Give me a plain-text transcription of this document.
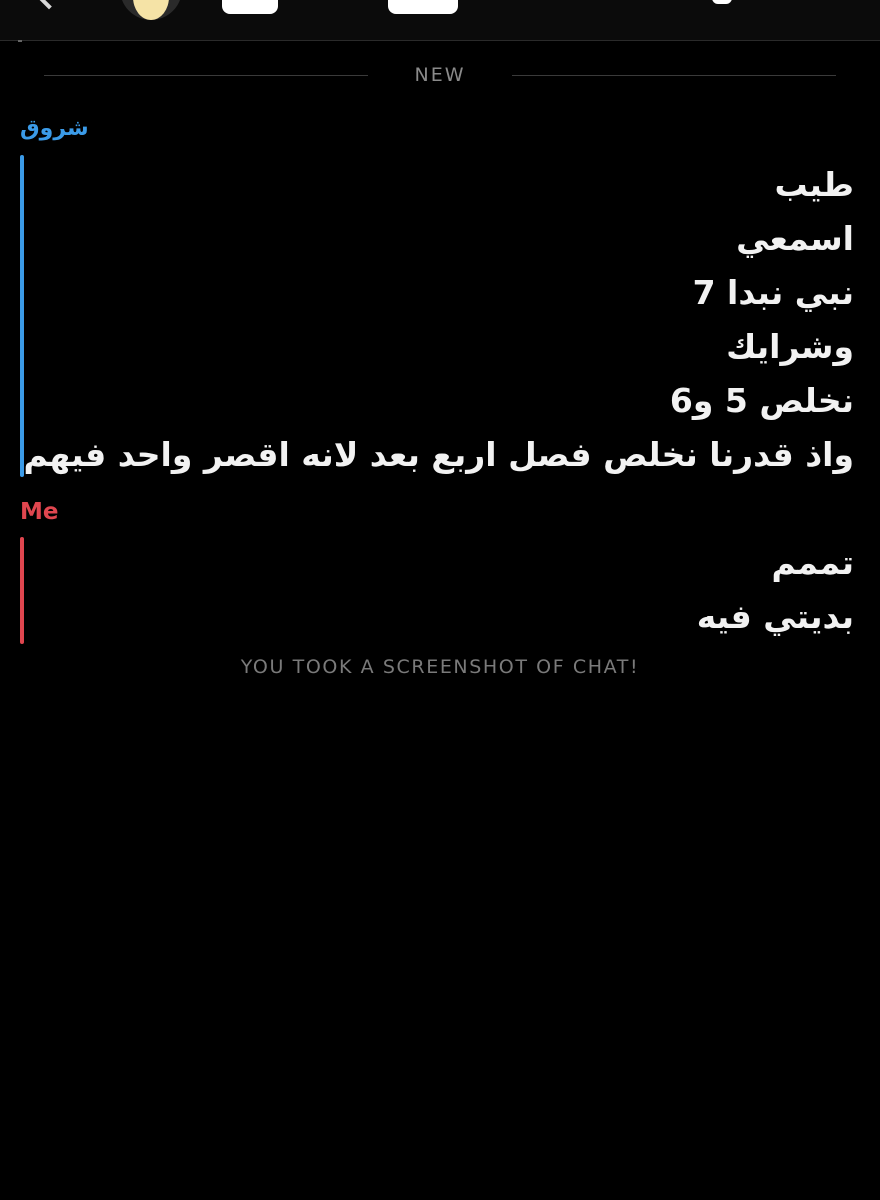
NEW
شروق
طيب
اسمعي
نبي نبدا 7
وشرايك
نخلص 5 و6
واذ قدرنا نخلص فصل اربع بعد لانه اقصر واحد فيهم
Me
تممم
بديتي فيه
YOU TOOK A SCREENSHOT OF CHAT!
